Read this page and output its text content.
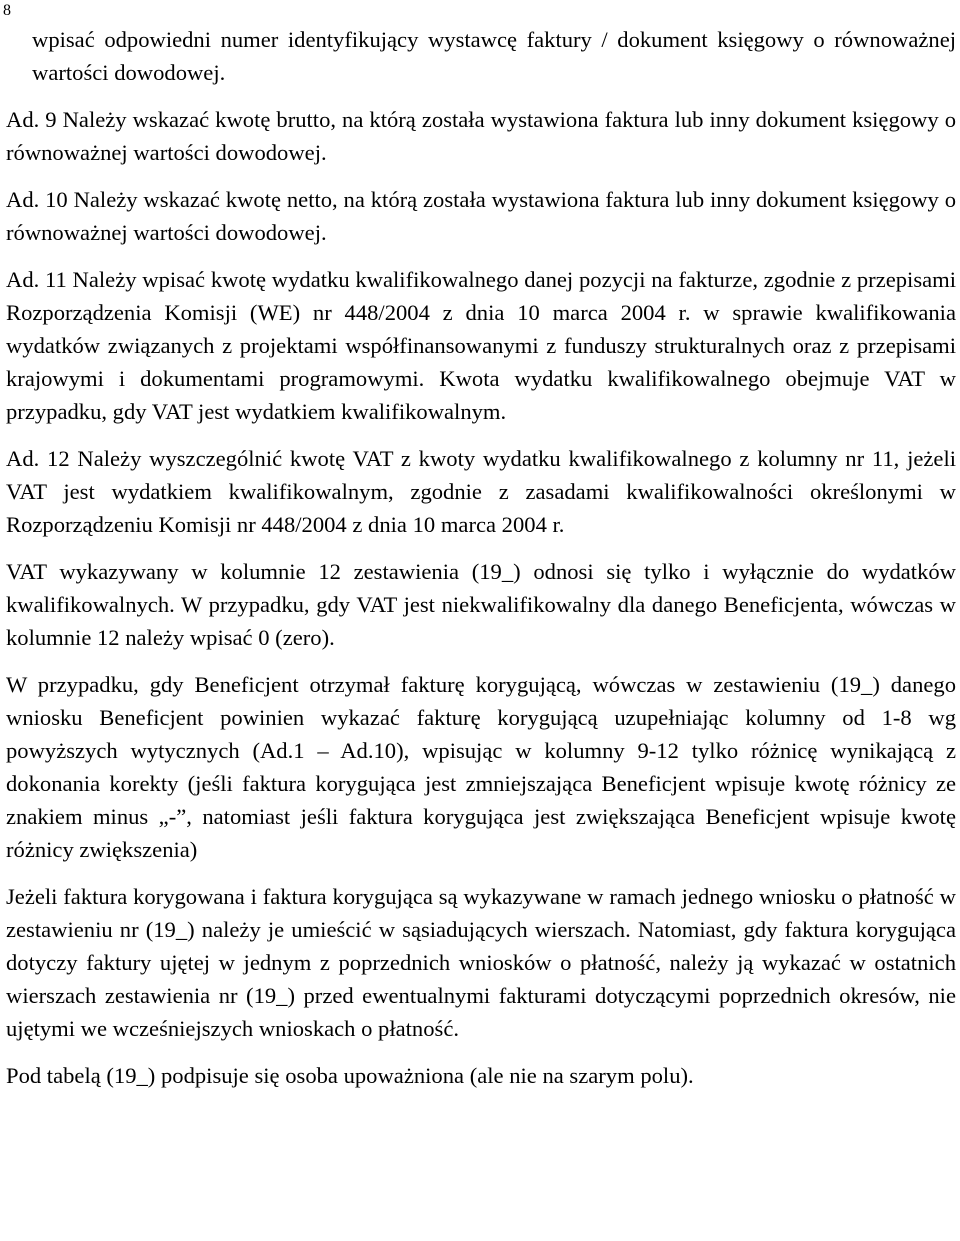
8

wpisać odpowiedni numer identyfikujący wystawcę faktury / dokument księgowy o równoważnej wartości dowodowej.

Ad. 9 Należy wskazać kwotę brutto, na którą została wystawiona faktura lub inny dokument księgowy o równoważnej wartości dowodowej.

Ad. 10 Należy wskazać kwotę netto, na którą została wystawiona faktura lub inny dokument księgowy o równoważnej wartości dowodowej.

Ad. 11 Należy wpisać kwotę wydatku kwalifikowalnego danej pozycji na fakturze, zgodnie z przepisami Rozporządzenia Komisji (WE) nr 448/2004 z dnia 10 marca 2004 r. w sprawie kwalifikowania wydatków związanych z projektami współfinansowanymi z funduszy strukturalnych oraz z przepisami krajowymi i dokumentami programowymi. Kwota wydatku kwalifikowalnego obejmuje VAT w przypadku, gdy VAT jest wydatkiem kwalifikowalnym.

Ad. 12 Należy wyszczególnić kwotę VAT z kwoty wydatku kwalifikowalnego z kolumny nr 11, jeżeli VAT jest wydatkiem kwalifikowalnym, zgodnie z zasadami kwalifikowalności określonymi w Rozporządzeniu Komisji nr 448/2004 z dnia 10 marca 2004 r.

VAT wykazywany w kolumnie 12 zestawienia (19_) odnosi się tylko i wyłącznie do wydatków kwalifikowalnych. W przypadku, gdy VAT jest niekwalifikowalny dla danego Beneficjenta, wówczas w kolumnie 12 należy wpisać 0 (zero).

W przypadku, gdy Beneficjent otrzymał fakturę korygującą, wówczas w zestawieniu (19_) danego wniosku Beneficjent powinien wykazać fakturę korygującą uzupełniając kolumny od 1-8 wg powyższych wytycznych (Ad.1 – Ad.10), wpisując w kolumny 9-12 tylko różnicę wynikającą z dokonania korekty (jeśli faktura korygująca jest zmniejszająca Beneficjent wpisuje kwotę różnicy ze znakiem minus „-”, natomiast jeśli faktura korygująca jest zwiększająca Beneficjent wpisuje kwotę różnicy zwiększenia)

Jeżeli faktura korygowana i faktura korygująca są wykazywane w ramach jednego wniosku o płatność w zestawieniu nr (19_) należy je umieścić w sąsiadujących wierszach. Natomiast, gdy faktura korygująca dotyczy faktury ujętej w jednym z poprzednich wniosków o płatność, należy ją wykazać w ostatnich wierszach zestawienia nr (19_) przed ewentualnymi fakturami dotyczącymi poprzednich okresów, nie ujętymi we wcześniejszych wnioskach o płatność.

Pod tabelą (19_) podpisuje się osoba upoważniona (ale nie na szarym polu).
